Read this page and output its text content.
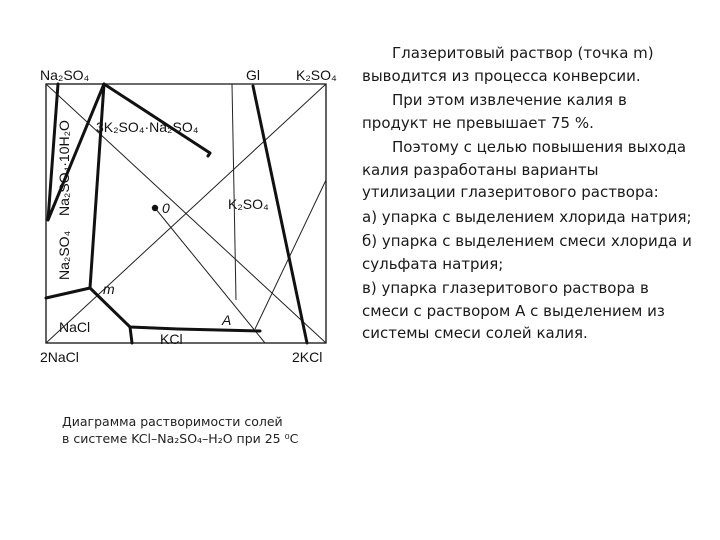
Na₂SO₄	K₂SO₄
2NaCl	2KCl
Gl
3K₂SO₄·Na₂SO₄
K₂SO₄
NaCl
KCl
Na₂SO₄·10H₂O
Na₂SO₄
0
m
A
Диаграмма растворимости солей
в системе KCl–Na₂SO₄–H₂O при 25 ⁰C

Глазеритовый раствор (точка m) выводится из процесса конверсии.

При этом извлечение калия в продукт не превышает 75 %.

Поэтому с целью повышения выхода калия разработаны варианты утилизации глазеритового раствора:

а) упарка с выделением хлорида натрия;

б) упарка с выделением смеси хлорида и сульфата натрия;

в) упарка глазеритового раствора в смеси с раствором A с выделением из системы смеси солей калия.
